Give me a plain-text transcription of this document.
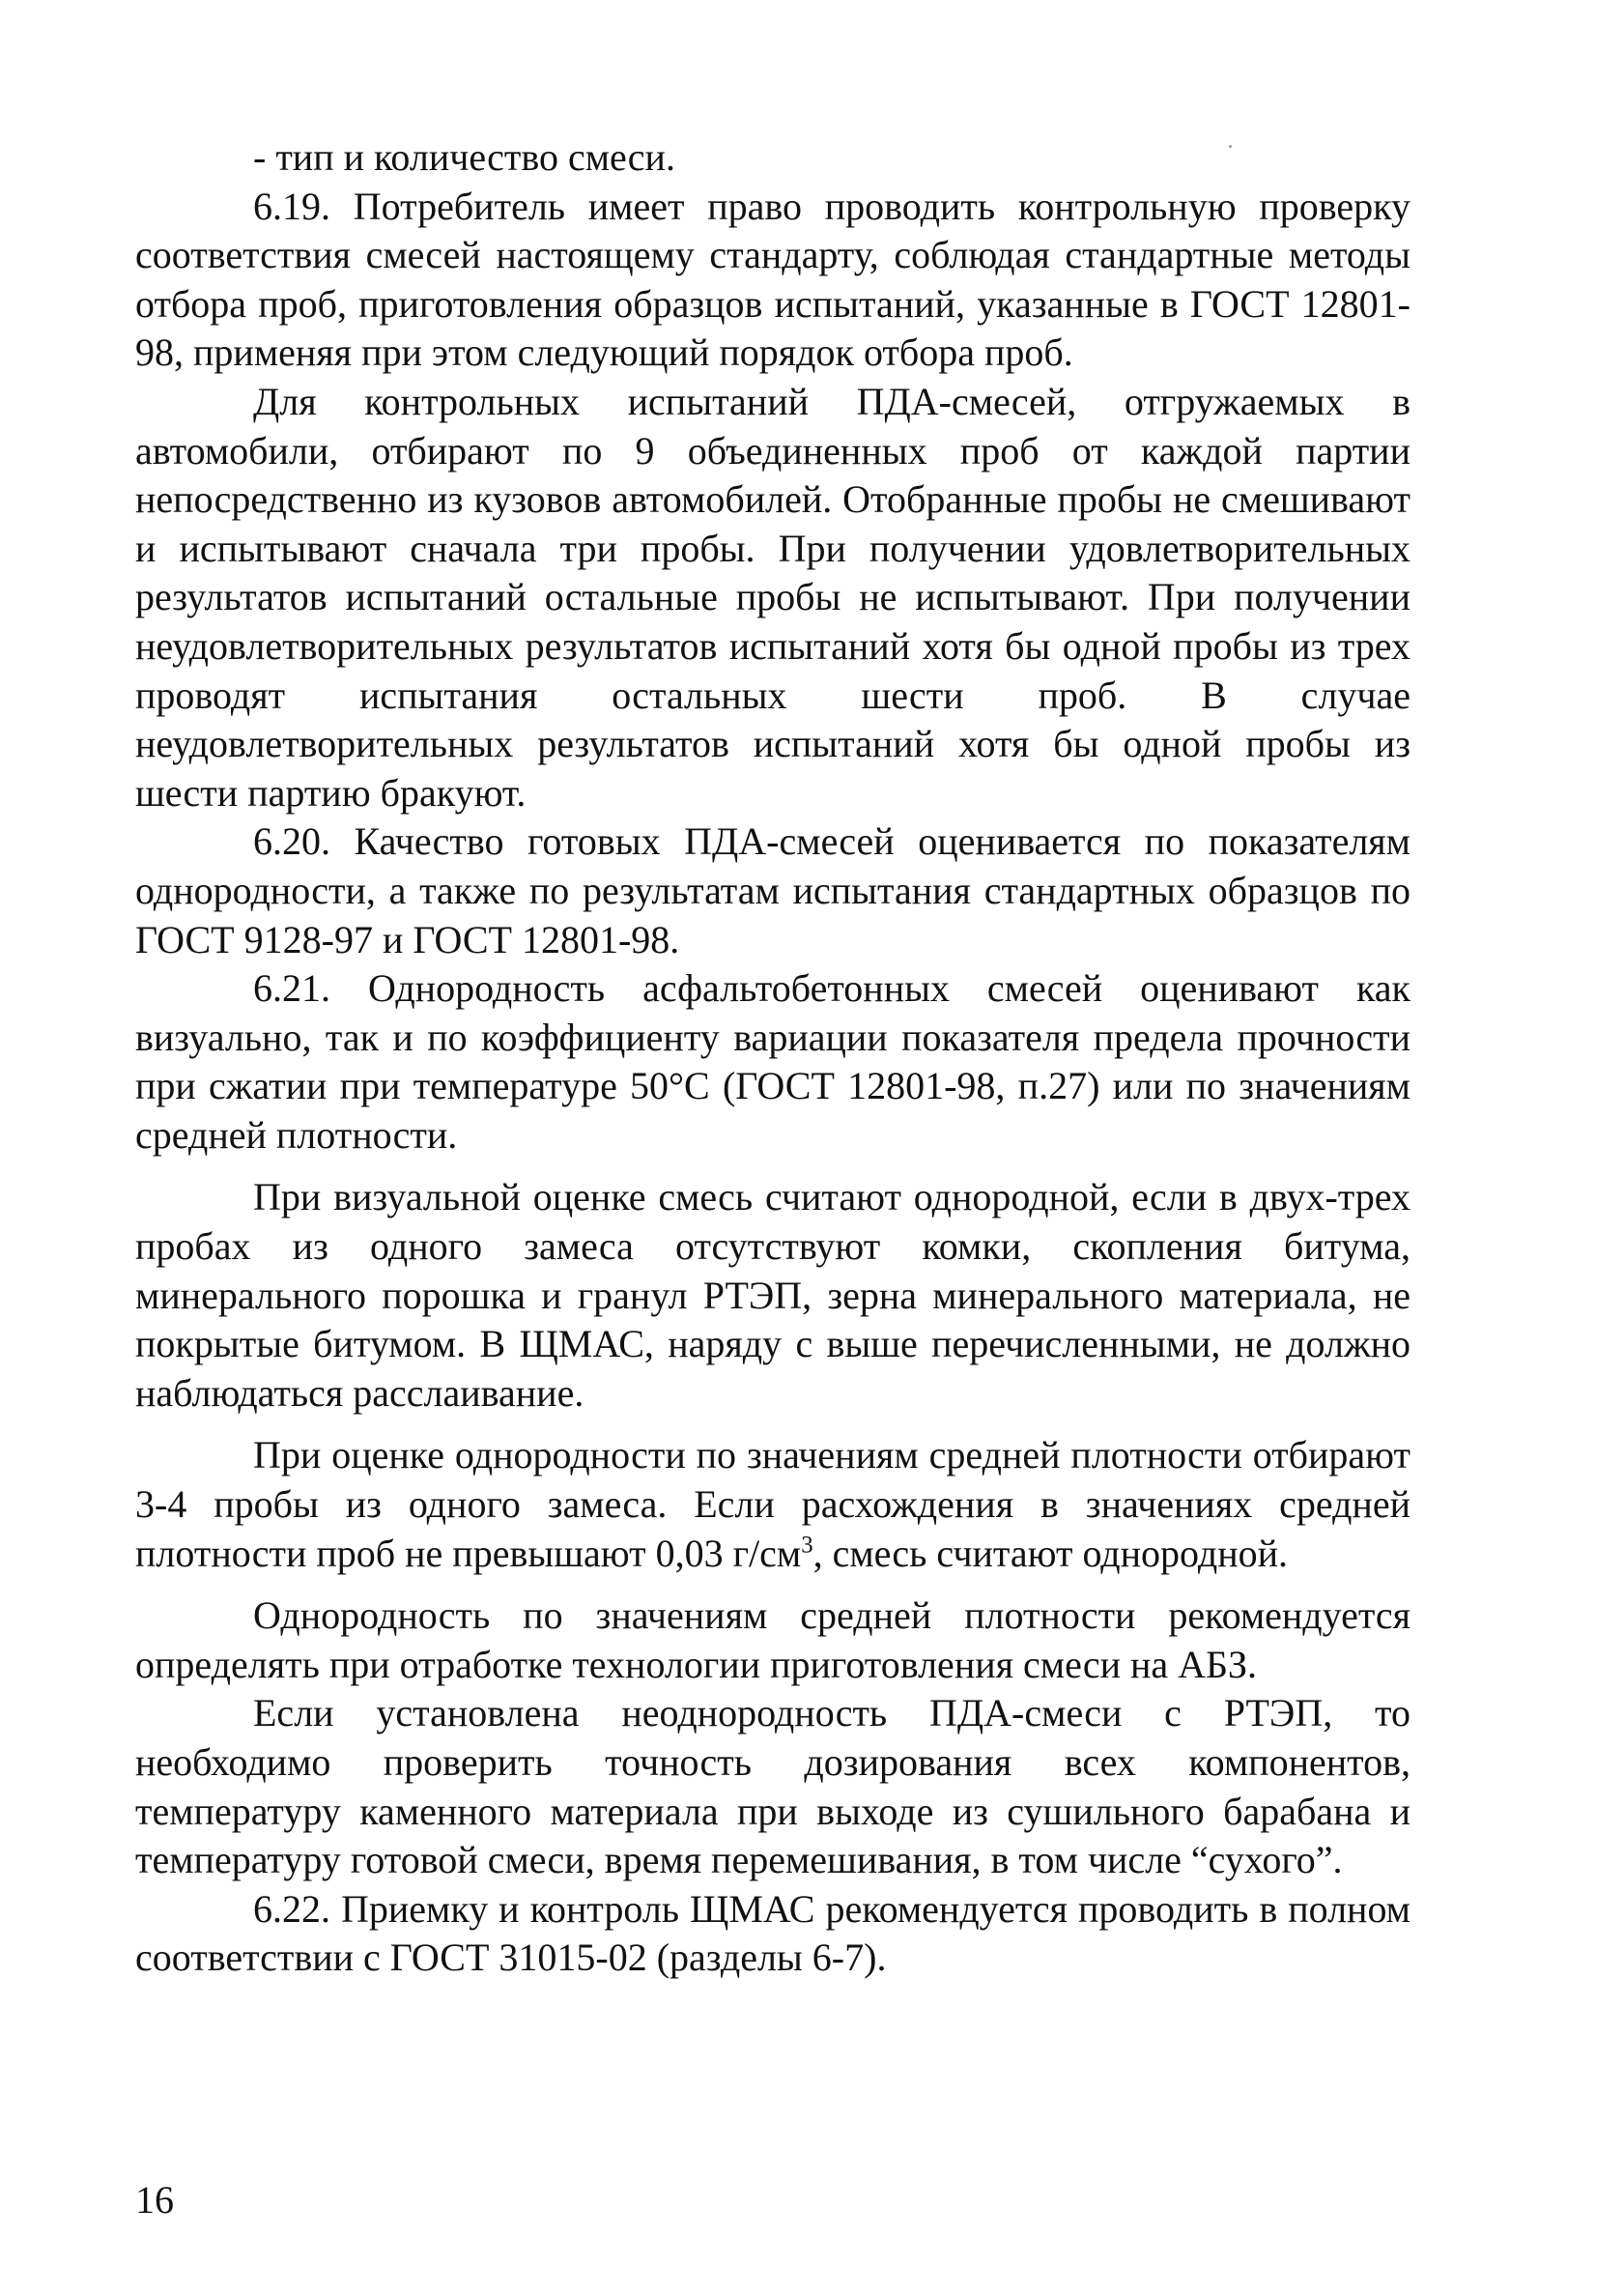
- тип и количество смеси.

6.19. Потребитель имеет право проводить контрольную проверку соответствия смесей настоящему стандарту, соблюдая стандартные методы отбора проб, приготовления образцов испытаний, указанные в ГОСТ 12801-98, применяя при этом следующий порядок отбора проб.

Для контрольных испытаний ПДА-смесей, отгружаемых в автомобили, отбирают по 9 объединенных проб от каждой партии непосредственно из кузовов автомобилей. Отобранные пробы не смешивают и испытывают сначала три пробы. При получении удовлетворительных результатов испытаний остальные пробы не испытывают. При получении неудовлетворительных результатов испытаний хотя бы одной пробы из трех проводят испытания остальных шести проб. В случае неудовлетворительных результатов испытаний хотя бы одной пробы из шести партию бракуют.

6.20. Качество готовых ПДА-смесей оценивается по показателям однородности, а также по результатам испытания стандартных образцов по ГОСТ 9128-97 и ГОСТ 12801-98.

6.21. Однородность асфальтобетонных смесей оценивают как визуально, так и по коэффициенту вариации показателя предела прочности при сжатии при температуре 50°С (ГОСТ 12801-98, п.27) или по значениям средней плотности.

При визуальной оценке смесь считают однородной, если в двух-трех пробах из одного замеса отсутствуют комки, скопления битума, минерального порошка и гранул РТЭП, зерна минерального материала, не покрытые битумом. В ЩМАС, наряду с выше перечисленными, не должно наблюдаться расслаивание.

При оценке однородности по значениям средней плотности отбирают 3-4 пробы из одного замеса. Если расхождения в значениях средней плотности проб не превышают 0,03 $г/см^3$, смесь считают однородной.

Однородность по значениям средней плотности рекомендуется определять при отработке технологии приготовления смеси на АБЗ.

Если установлена неоднородность ПДА-смеси с РТЭП, то необходимо проверить точность дозирования всех компонентов, температуру каменного материала при выходе из сушильного барабана и температуру готовой смеси, время перемешивания, в том числе “сухого”.

6.22. Приемку и контроль ЩМАС рекомендуется проводить в полном соответствии с ГОСТ 31015-02 (разделы 6-7).

16
